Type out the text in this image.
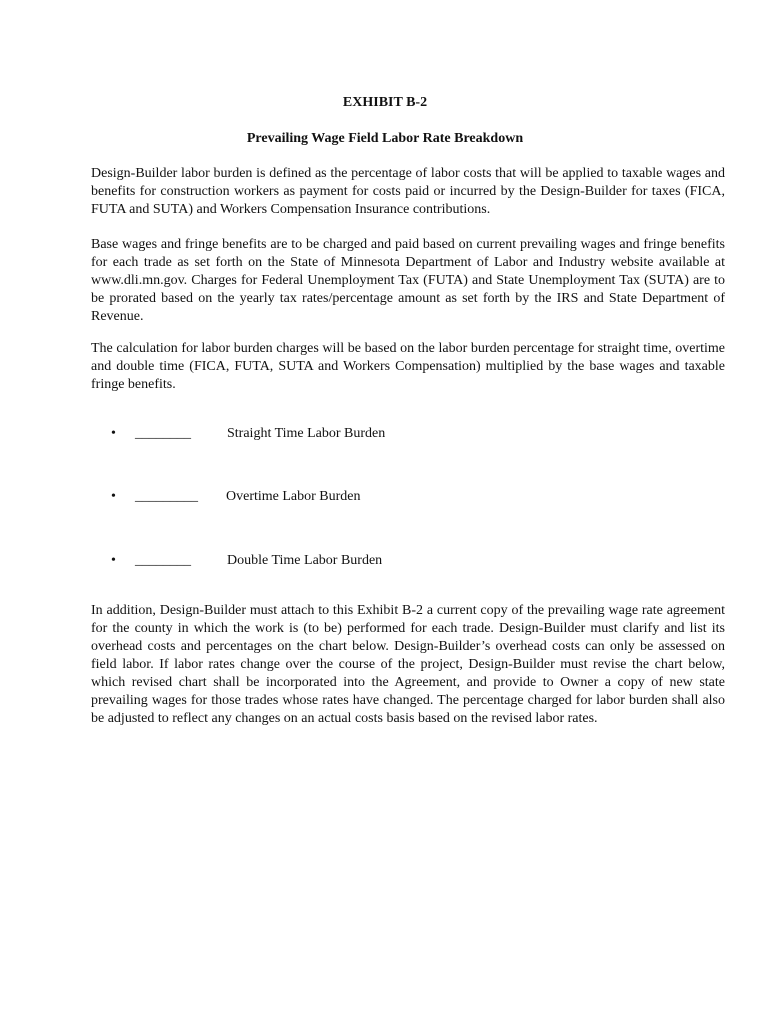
EXHIBIT B-2
Prevailing Wage Field Labor Rate Breakdown

Design-Builder labor burden is defined as the percentage of labor costs that will be applied to taxable wages and benefits for construction workers as payment for costs paid or incurred by the Design-Builder for taxes (FICA, FUTA and SUTA) and Workers Compensation Insurance contributions.

Base wages and fringe benefits are to be charged and paid based on current prevailing wages and fringe benefits for each trade as set forth on the State of Minnesota Department of Labor and Industry website available at www.dli.mn.gov. Charges for Federal Unemployment Tax (FUTA) and State Unemployment Tax (SUTA) are to be prorated based on the yearly tax rates/percentage amount as set forth by the IRS and State Department of Revenue.

The calculation for labor burden charges will be based on the labor burden percentage for straight time, overtime and double time (FICA, FUTA, SUTA and Workers Compensation) multiplied by the base wages and taxable fringe benefits.

•	________	Straight Time Labor Burden
•	_________ Overtime Labor Burden
•	________	Double Time Labor Burden

In addition, Design-Builder must attach to this Exhibit B-2 a current copy of the prevailing wage rate agreement for the county in which the work is (to be) performed for each trade. Design-Builder must clarify and list its overhead costs and percentages on the chart below. Design-Builder’s overhead costs can only be assessed on field labor. If labor rates change over the course of the project, Design-Builder must revise the chart below, which revised chart shall be incorporated into the Agreement, and provide to Owner a copy of new state prevailing wages for those trades whose rates have changed. The percentage charged for labor burden shall also be adjusted to reflect any changes on an actual costs basis based on the revised labor rates.
